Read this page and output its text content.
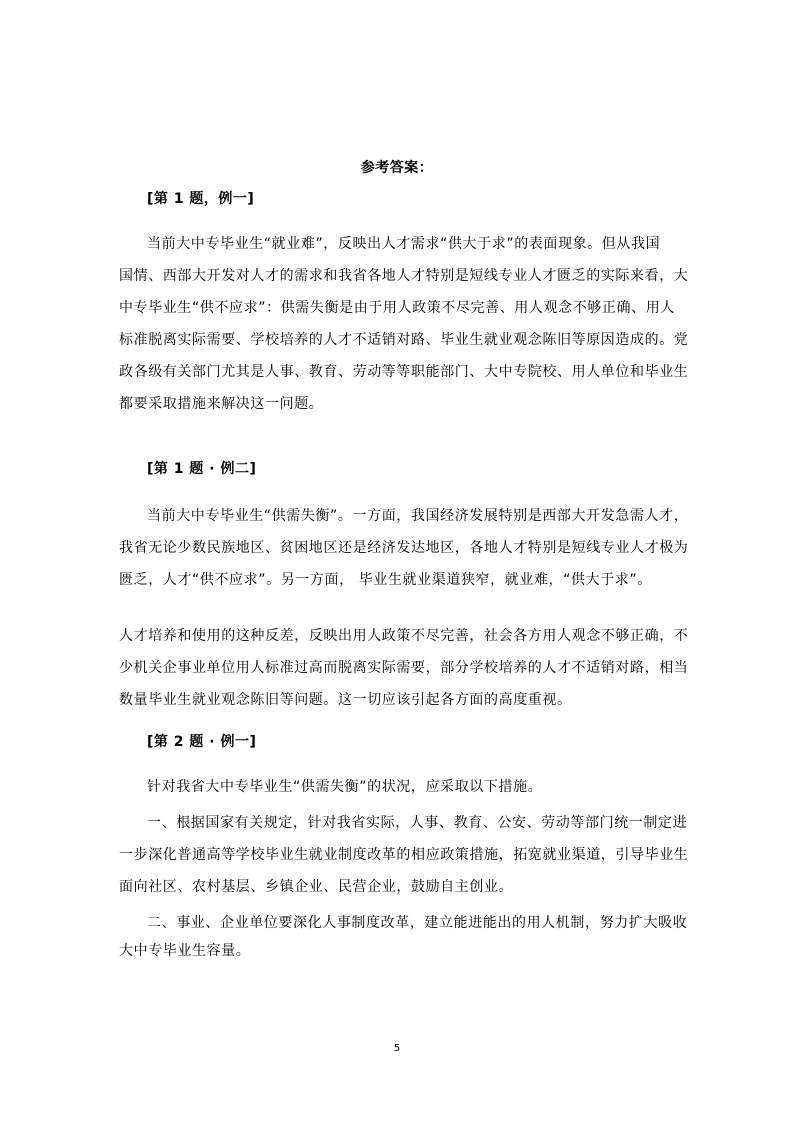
参考答案：
[第 1 题，例一]

当前大中专毕业生“就业难”，反映出人才需求“供大于求”的表面现象。但从我国

国情、西部大开发对人才的需求和我省各地人才特别是短线专业人才匮乏的实际来看，大

中专毕业生“供不应求”：供需失衡是由于用人政策不尽完善、用人观念不够正确、用人

标准脱离实际需要、学校培养的人才不适销对路、毕业生就业观念陈旧等原因造成的。党

政各级有关部门尤其是人事、教育、劳动等等职能部门、大中专院校、用人单位和毕业生

都要采取措施来解决这一问题。

[第 1 题 · 例二]

当前大中专毕业生“供需失衡”。一方面，我国经济发展特别是西部大开发急需人才，

我省无论少数民族地区、贫困地区还是经济发达地区，各地人才特别是短线专业人才极为

匮乏，人才“供不应求”。另一方面， 毕业生就业渠道狭窄，就业难，“供大于求”。

人才培养和使用的这种反差，反映出用人政策不尽完善，社会各方用人观念不够正确，不

少机关企事业单位用人标准过高而脱离实际需要，部分学校培养的人才不适销对路，相当

数量毕业生就业观念陈旧等问题。这一切应该引起各方面的高度重视。

[第 2 题 · 例一]

针对我省大中专毕业生“供需失衡”的状况，应采取以下措施。

一、根据国家有关规定，针对我省实际，人事、教育、公安、劳动等部门统一制定进

一步深化普通高等学校毕业生就业制度改革的相应政策措施，拓宽就业渠道，引导毕业生

面向社区、农村基层、乡镇企业、民营企业，鼓励自主创业。

二、事业、企业单位要深化人事制度改革，建立能进能出的用人机制，努力扩大吸收

大中专毕业生容量。

5
